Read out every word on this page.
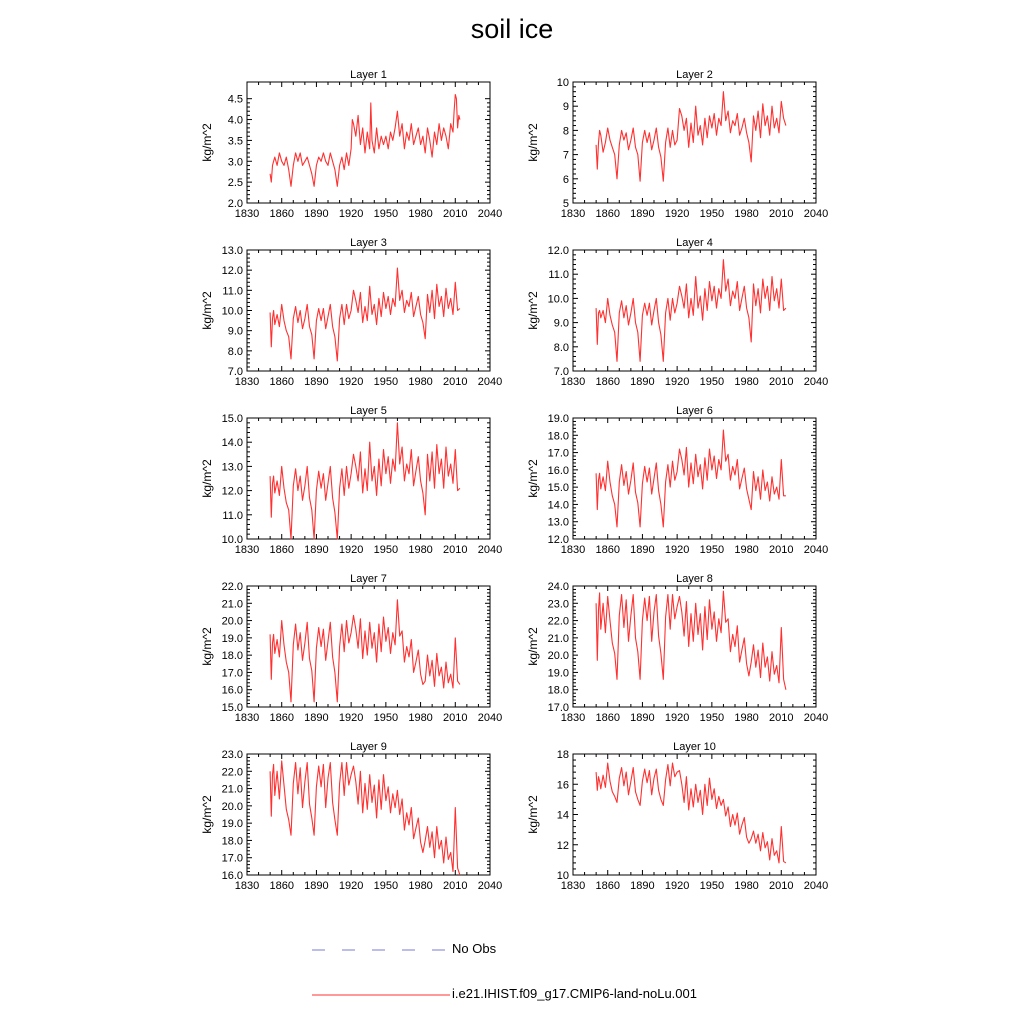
soil ice
1830 1860 1890 1920 1950 1980 2010 2040
2.0
2.5
3.0
3.5
4.0
4.5
Layer 1
kg/m^2
1830 1860 1890 1920 1950 1980 2010 2040
5
6
7
8
9
10
Layer 2
kg/m^2
1830 1860 1890 1920 1950 1980 2010 2040
7.0
8.0
9.0
10.0
11.0
12.0
13.0
Layer 3
kg/m^2
1830 1860 1890 1920 1950 1980 2010 2040
7.0
8.0
9.0
10.0
11.0
12.0
Layer 4
kg/m^2
1830 1860 1890 1920 1950 1980 2010 2040
10.0
11.0
12.0
13.0
14.0
15.0
Layer 5
kg/m^2
1830 1860 1890 1920 1950 1980 2010 2040
12.0
13.0
14.0
15.0
16.0
17.0
18.0
19.0
Layer 6
kg/m^2
1830 1860 1890 1920 1950 1980 2010 2040
15.0
16.0
17.0
18.0
19.0
20.0
21.0
22.0
Layer 7
kg/m^2
1830 1860 1890 1920 1950 1980 2010 2040
17.0
18.0
19.0
20.0
21.0
22.0
23.0
24.0
Layer 8
kg/m^2
1830 1860 1890 1920 1950 1980 2010 2040
16.0
17.0
18.0
19.0
20.0
21.0
22.0
23.0
Layer 9
kg/m^2
1830 1860 1890 1920 1950 1980 2010 2040
10
12
14
16
18
Layer 10
kg/m^2
No Obs
i.e21.IHIST.f09_g17.CMIP6-land-noLu.001
